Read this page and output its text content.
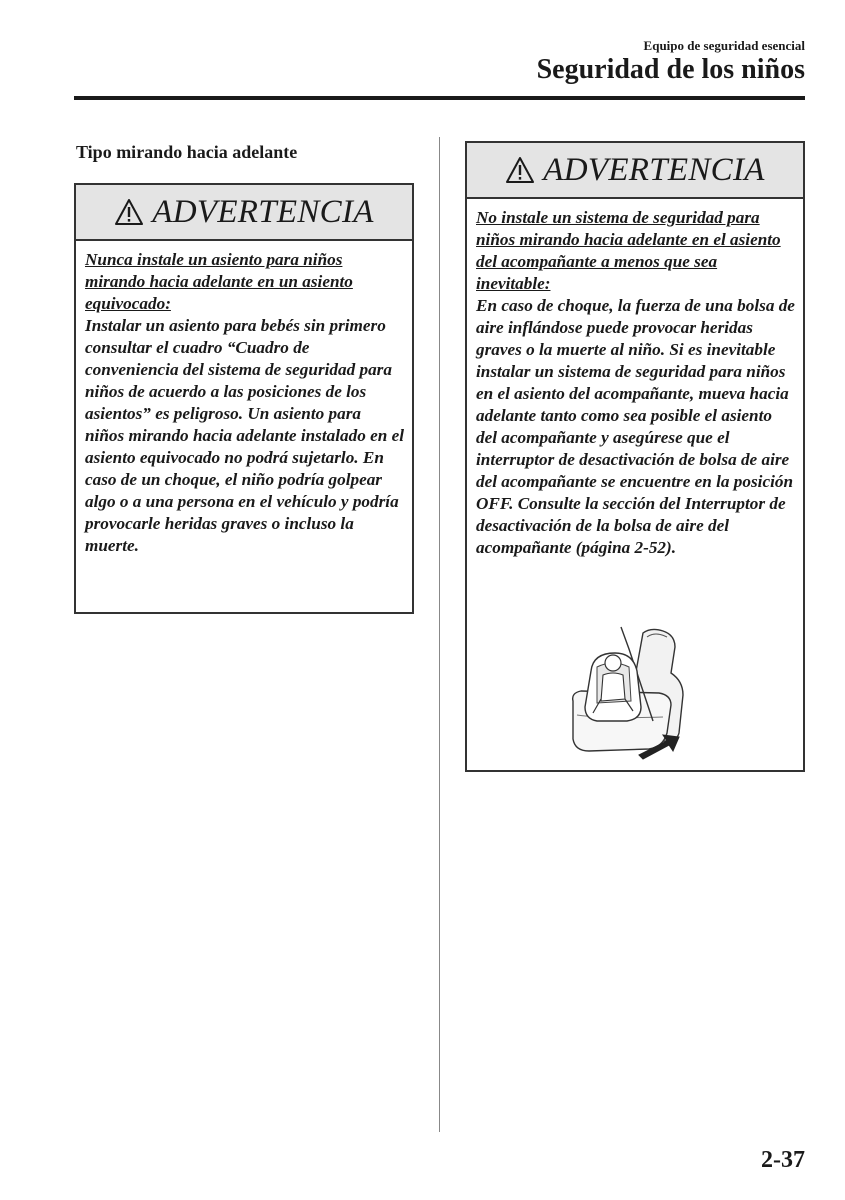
Equipo de seguridad esencial
Seguridad de los niños
Tipo mirando hacia adelante
ADVERTENCIA
Nunca instale un asiento para niños mirando hacia adelante en un asiento equivocado:
Instalar un asiento para bebés sin primero consultar el cuadro “Cuadro de conveniencia del sistema de seguridad para niños de acuerdo a las posiciones de los asientos” es peligroso. Un asiento para niños mirando hacia adelante instalado en el asiento equivocado no podrá sujetarlo. En caso de un choque, el niño podría golpear algo o a una persona en el vehículo y podría provocarle heridas graves o incluso la muerte.
ADVERTENCIA
No instale un sistema de seguridad para niños mirando hacia adelante en el asiento del acompañante a menos que sea inevitable:
En caso de choque, la fuerza de una bolsa de aire inflándose puede provocar heridas graves o la muerte al niño. Si es inevitable instalar un sistema de seguridad para niños en el asiento del acompañante, mueva hacia adelante tanto como sea posible el asiento del acompañante y asegúrese que el interruptor de desactivación de bolsa de aire del acompañante se encuentre en la posición OFF. Consulte la sección del Interruptor de desactivación de la bolsa de aire del acompañante (página 2-52).
2-37
